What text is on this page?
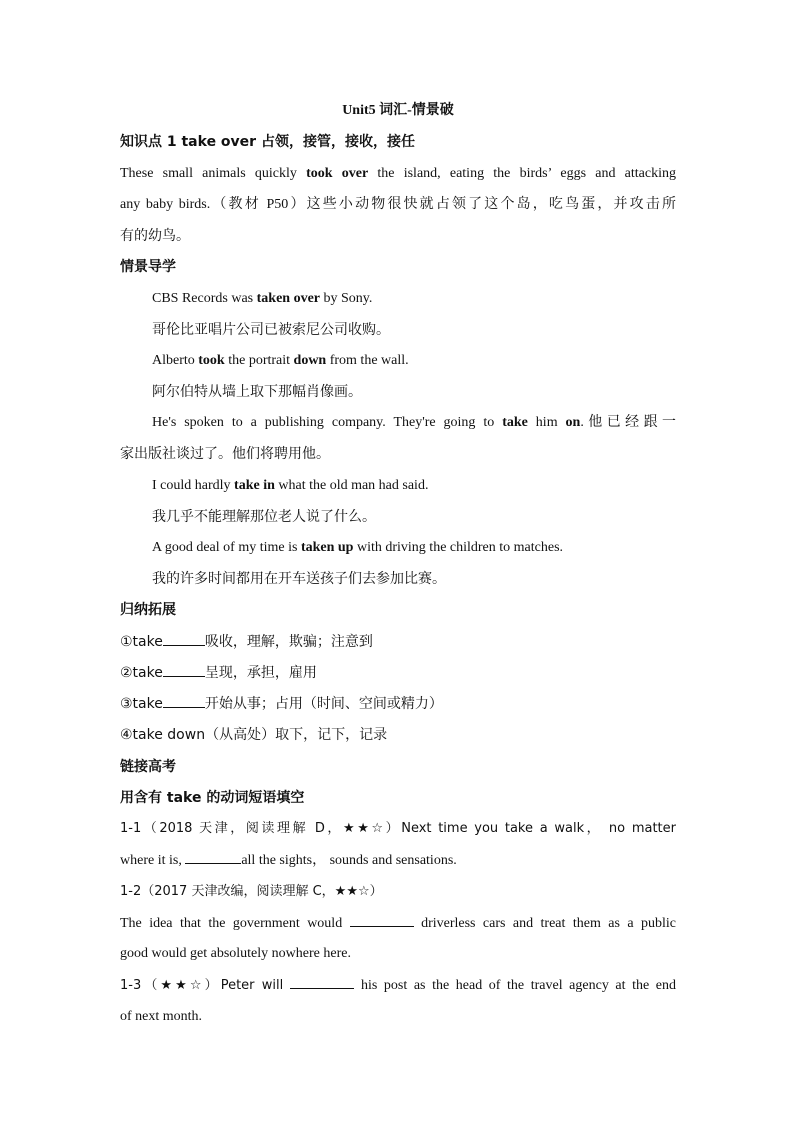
Unit5 词汇-情景破
知识点 1 take over 占领，接管，接收，接任
These small animals quickly took over the island, eating the birds’ eggs and attacking
any baby birds.（教材 P50）这些小动物很快就占领了这个岛，吃鸟蛋，并攻击所
有的幼鸟。
情景导学
CBS Records was taken over by Sony.
哥伦比亚唱片公司已被索尼公司收购。
Alberto took the portrait down from the wall.
阿尔伯特从墙上取下那幅肖像画。
He's spoken to a publishing company. They're going to take him on.他已经跟一
家出版社谈过了。他们将聘用他。
I could hardly take in what the old man had said.
我几乎不能理解那位老人说了什么。
A good deal of my time is taken up with driving the children to matches.
我的许多时间都用在开车送孩子们去参加比赛。
归纳拓展
①take	吸收，理解，欺骗；注意到
②take	呈现，承担，雇用
③take	开始从事；占用（时间、空间或精力）
④take down（从高处）取下，记下，记录
链接高考
用含有 take 的动词短语填空
1-1（2018 天津，阅读理解 D，★★☆）Next time you take a walk， no matter
where it is,	all the sights， sounds and sensations.
1-2（2017 天津改编，阅读理解 C，★★☆）
The idea that the government would	driverless cars and treat them as a public
good would get absolutely nowhere here.
1-3（★★☆）Peter will	his post as the head of the travel agency at the end
of next month.
